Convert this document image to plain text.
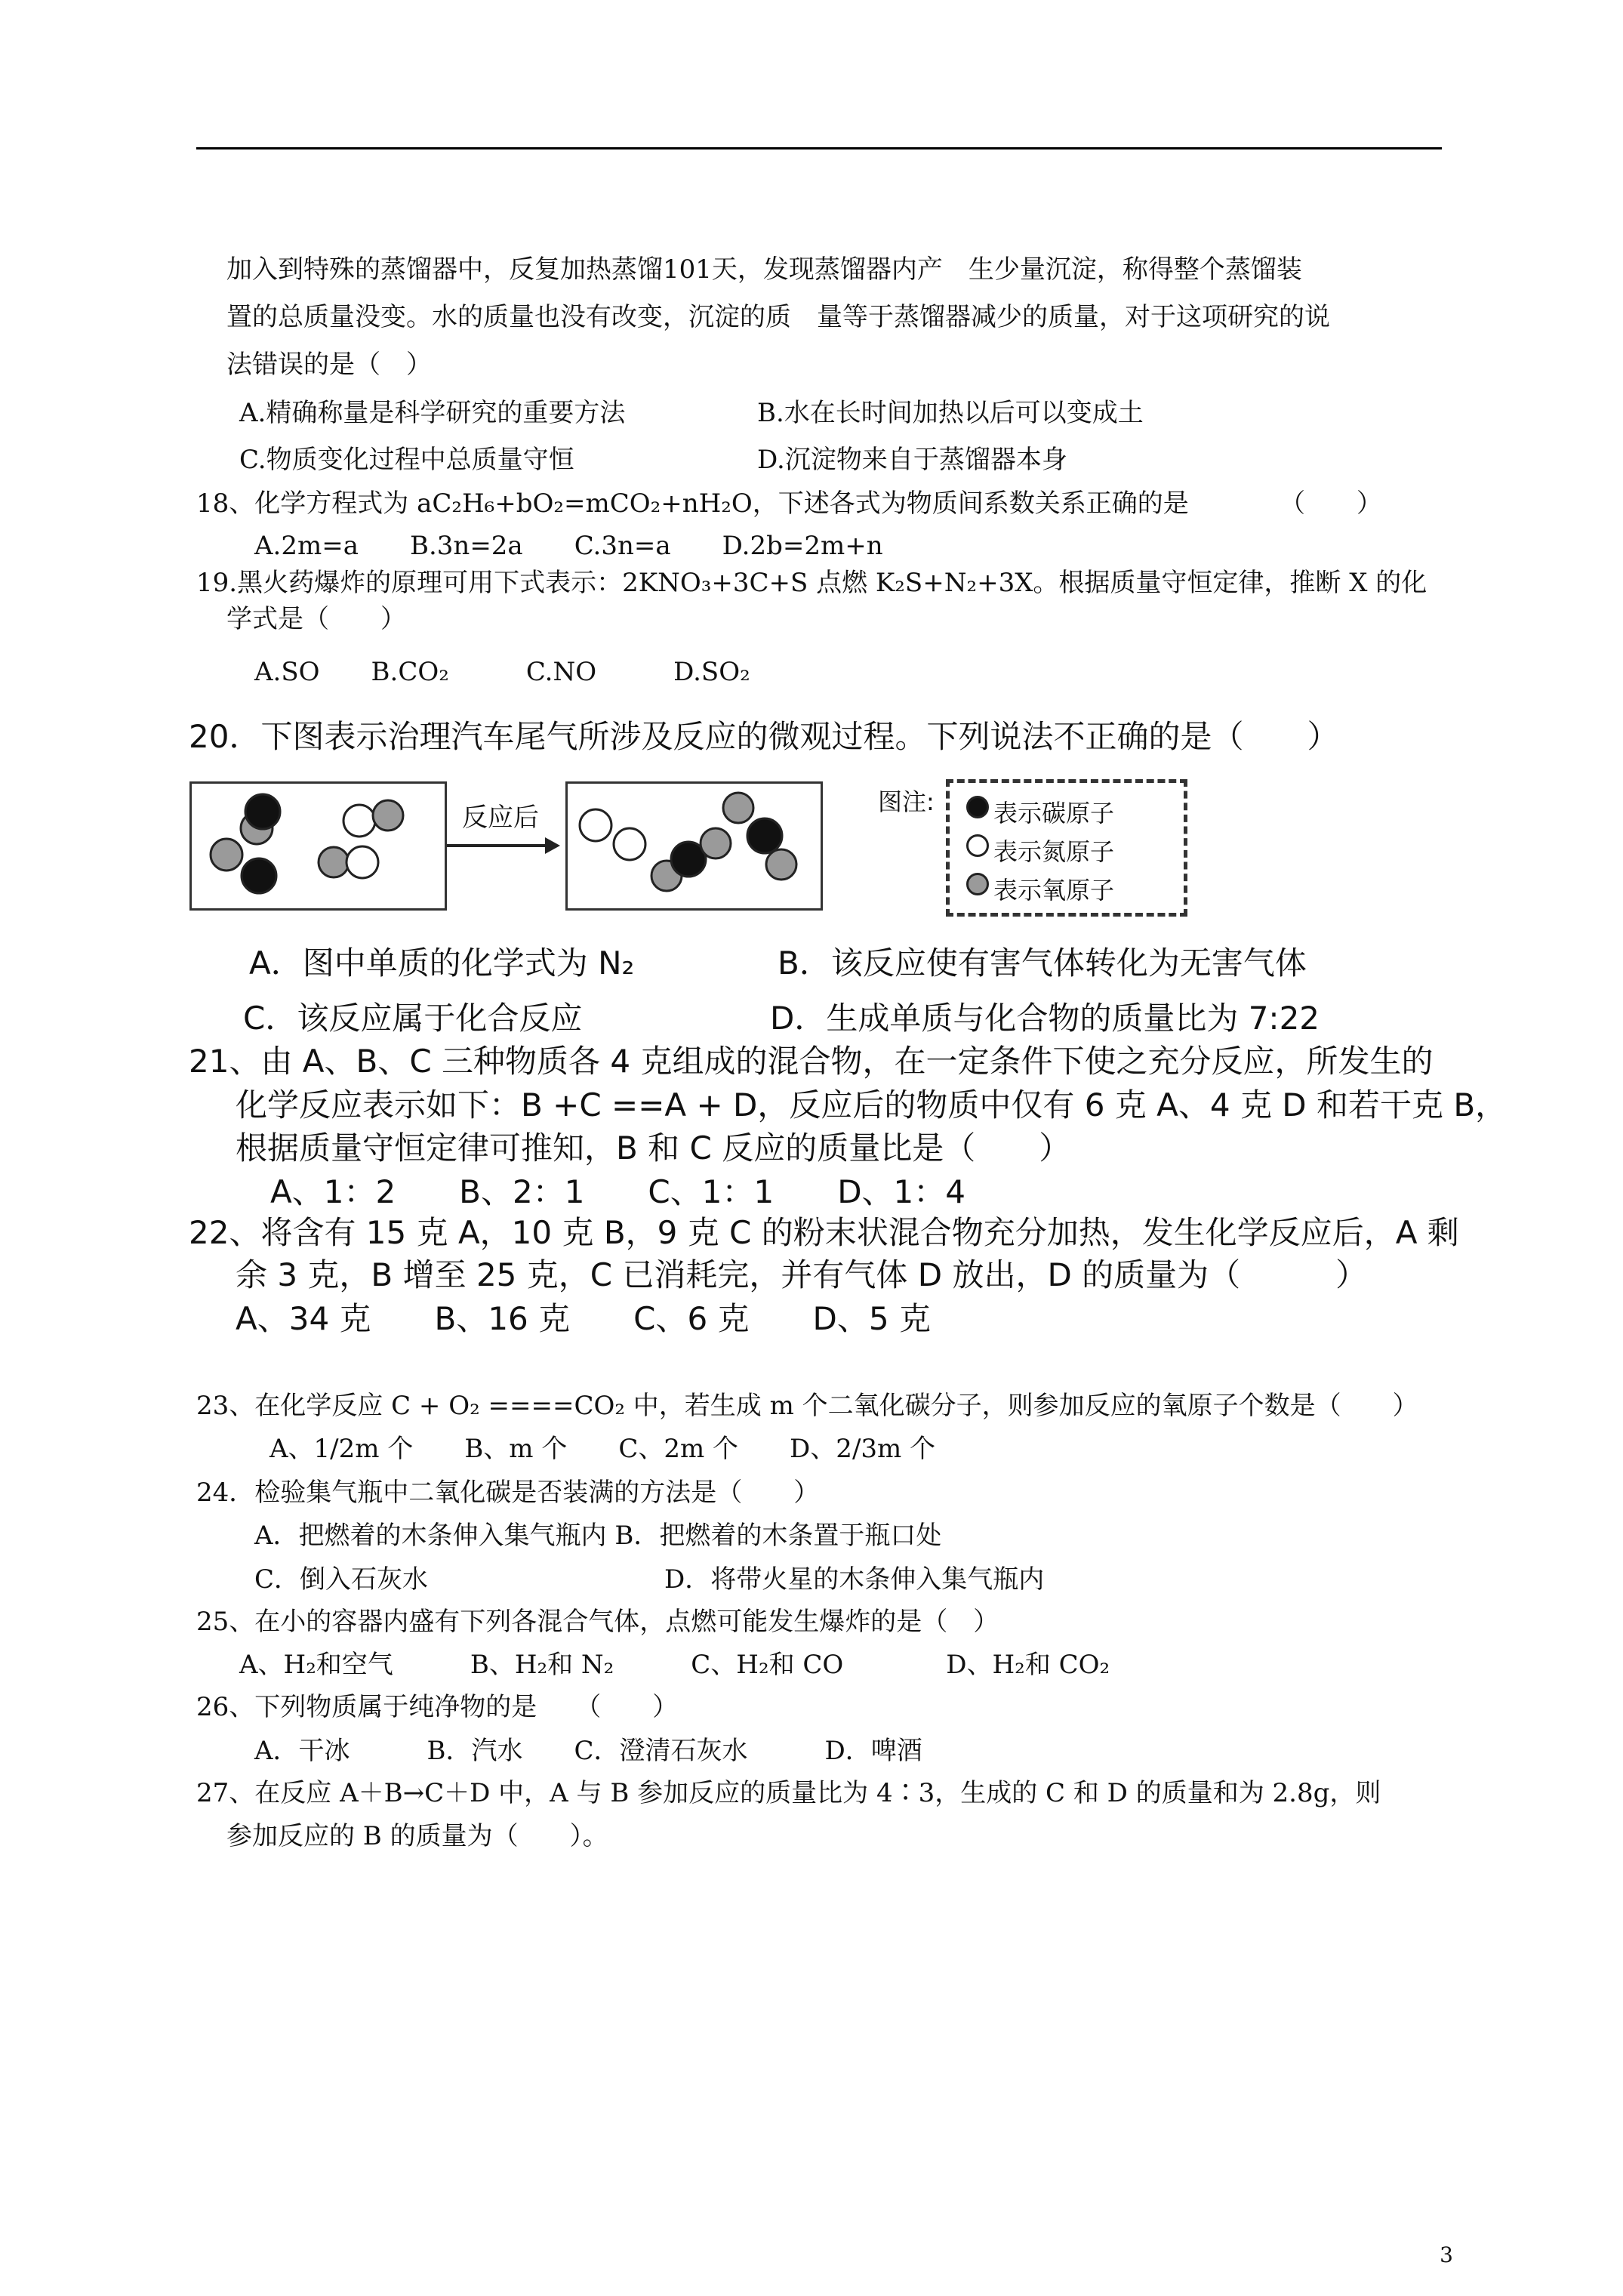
加入到特殊的蒸馏器中，反复加热蒸馏101天，发现蒸馏器内产　生少量沉淀，称得整个蒸馏装
置的总质量没变。水的质量也没有改变，沉淀的质　量等于蒸馏器减少的质量，对于这项研究的说
法错误的是（　）
A.精确称量是科学研究的重要方法	B.水在长时间加热以后可以变成土
C.物质变化过程中总质量守恒	D.沉淀物来自于蒸馏器本身
18、化学方程式为 aC₂H₆+bO₂=mCO₂+nH₂O，下述各式为物质间系数关系正确的是	（　　）
A.2m=a　　B.3n=2a　　C.3n=a　　D.2b=2m+n
19.黑火药爆炸的原理可用下式表示：2KNO₃+3C+S 点燃 K₂S+N₂+3X。根据质量守恒定律，推断 X 的化
学式是（　　）
A.SO　　B.CO₂　　　C.NO　　　D.SO₂
20．下图表示治理汽车尾气所涉及反应的微观过程。下列说法不正确的是（　　）
反应后
图注: 表示碳原子
表示氮原子
表示氧原子
A．图中单质的化学式为 N₂	B．该反应使有害气体转化为无害气体
C．该反应属于化合反应	D．生成单质与化合物的质量比为 7:22
21、由 A、B、C 三种物质各 4 克组成的混合物，在一定条件下使之充分反应，所发生的
化学反应表示如下：B +C ==A + D，反应后的物质中仅有 6 克 A、4 克 D 和若干克 B，
根据质量守恒定律可推知，B 和 C 反应的质量比是（　　）
A、1：2　　B、2：1　　C、1：1　　D、1：4
22、将含有 15 克 A，10 克 B，9 克 C 的粉末状混合物充分加热，发生化学反应后，A 剩
余 3 克，B 增至 25 克，C 已消耗完，并有气体 D 放出，D 的质量为（　　　）
A、34 克　　B、16 克　　C、6 克　　D、5 克
23、在化学反应 C + O₂ ====CO₂ 中，若生成 m 个二氧化碳分子，则参加反应的氧原子个数是（　　）
A、1/2m 个　　B、m 个　　C、2m 个　　D、2/3m 个
24．检验集气瓶中二氧化碳是否装满的方法是（　　）
A．把燃着的木条伸入集气瓶内 B．把燃着的木条置于瓶口处
C．倒入石灰水	D．将带火星的木条伸入集气瓶内
25、在小的容器内盛有下列各混合气体，点燃可能发生爆炸的是（　）
A、H₂和空气　　　B、H₂和 N₂　　　C、H₂和 CO　　　　D、H₂和 CO₂
26、下列物质属于纯净物的是　　（　　）
A．干冰　　　B．汽水　　C．澄清石灰水　　　D．啤酒
27、在反应 A＋B→C＋D 中，A 与 B 参加反应的质量比为 4∶3，生成的 C 和 D 的质量和为 2.8g，则
参加反应的 B 的质量为（　　）。
3
